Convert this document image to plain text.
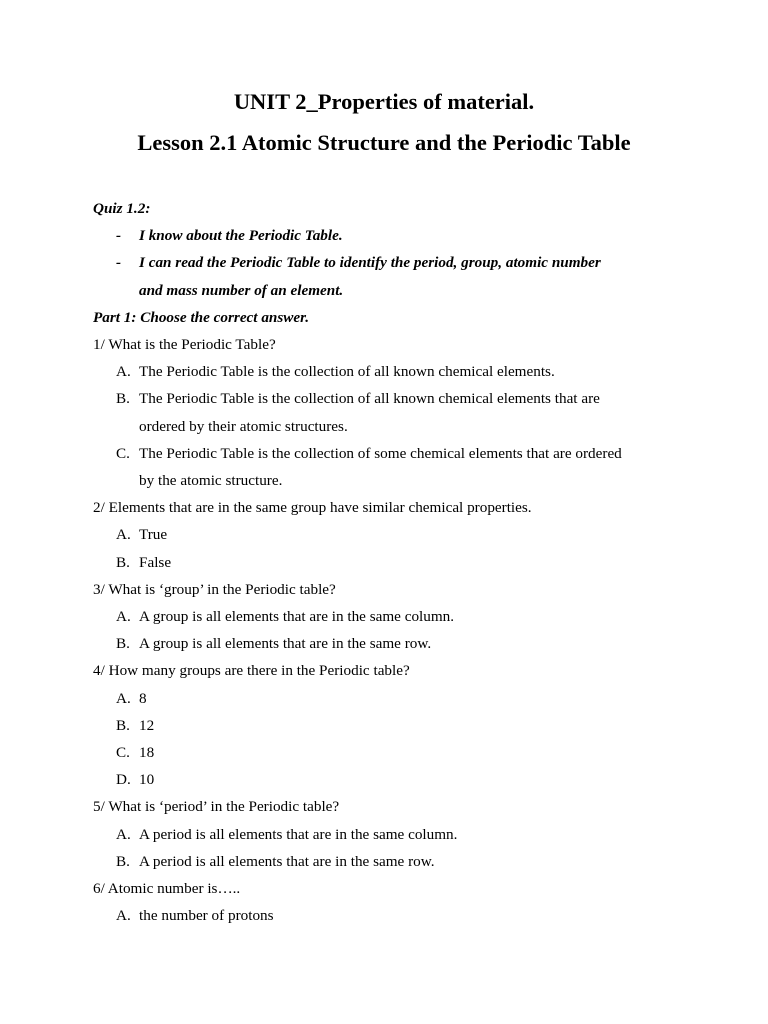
UNIT 2_Properties of material.
Lesson 2.1 Atomic Structure and the Periodic Table
Quiz 1.2:
- I know about the Periodic Table.
- I can read the Periodic Table to identify the period, group, atomic number
and mass number of an element.
Part 1: Choose the correct answer.
1/ What is the Periodic Table?
A. The Periodic Table is the collection of all known chemical elements.
B. The Periodic Table is the collection of all known chemical elements that are
ordered by their atomic structures.
C. The Periodic Table is the collection of some chemical elements that are ordered
by the atomic structure.
2/ Elements that are in the same group have similar chemical properties.
A. True
B. False
3/ What is ‘group’ in the Periodic table?
A. A group is all elements that are in the same column.
B. A group is all elements that are in the same row.
4/ How many groups are there in the Periodic table?
A. 8
B. 12
C. 18
D. 10
5/ What is ‘period’ in the Periodic table?
A. A period is all elements that are in the same column.
B. A period is all elements that are in the same row.
6/ Atomic number is…..
A. the number of protons
